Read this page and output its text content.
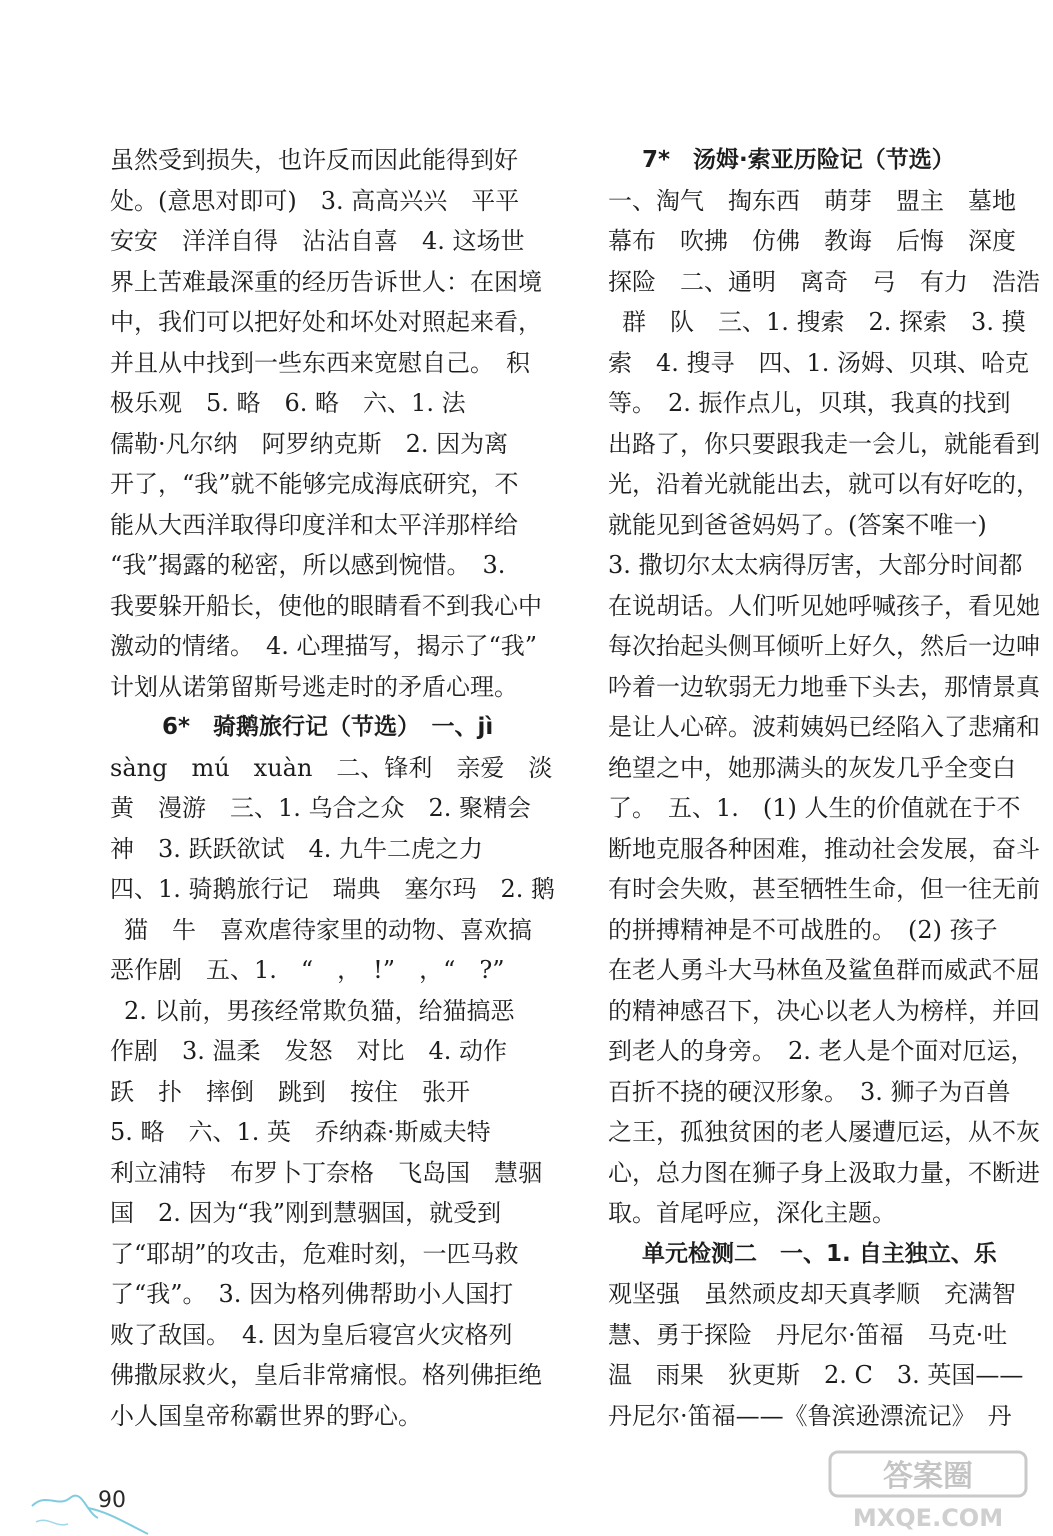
虽然受到损失，也许反而因此能得到好
处。(意思对即可)　3. 高高兴兴　平平
安安　洋洋自得　沾沾自喜　4. 这场世
界上苦难最深重的经历告诉世人：在困境
中，我们可以把好处和坏处对照起来看，
并且从中找到一些东西来宽慰自己。　积
极乐观　5. 略　6. 略　六、1. 法
儒勒·凡尔纳　阿罗纳克斯　2. 因为离
开了，“我”就不能够完成海底研究，不
能从大西洋取得印度洋和太平洋那样给
“我”揭露的秘密，所以感到惋惜。　3.
我要躲开船长，使他的眼睛看不到我心中
激动的情绪。　4. 心理描写，揭示了“我”
计划从诺第留斯号逃走时的矛盾心理。
6*　骑鹅旅行记（节选）　一、jì
sàng　mú　xuàn　二、锋利　亲爱　淡
黄　漫游　三、1. 乌合之众　2. 聚精会
神　3. 跃跃欲试　4. 九牛二虎之力
四、1. 骑鹅旅行记　瑞典　塞尔玛　2. 鹅
猫　牛　喜欢虐待家里的动物、喜欢搞
恶作剧　五、1.　“　，　!”　，“　?”
2. 以前，男孩经常欺负猫，给猫搞恶
作剧　3. 温柔　发怒　对比　4. 动作
跃　扑　摔倒　跳到　按住　张开
5. 略　六、1. 英　乔纳森·斯威夫特
利立浦特　布罗卜丁奈格　飞岛国　慧骃
国　2. 因为“我”刚到慧骃国，就受到
了“耶胡”的攻击，危难时刻，一匹马救
了“我”。　3. 因为格列佛帮助小人国打
败了敌国。　4. 因为皇后寝宫火灾格列
佛撒尿救火，皇后非常痛恨。格列佛拒绝
小人国皇帝称霸世界的野心。
7*　汤姆·索亚历险记（节选）
一、淘气　掏东西　萌芽　盟主　墓地
幕布　吹拂　仿佛　教诲　后悔　深度
探险　二、通明　离奇　弓　有力　浩浩
群　队　三、1. 搜索　2. 探索　3. 摸
索　4. 搜寻　四、1. 汤姆、贝琪、哈克
等。　2. 振作点儿，贝琪，我真的找到
出路了，你只要跟我走一会儿，就能看到
光，沿着光就能出去，就可以有好吃的，
就能见到爸爸妈妈了。(答案不唯一)
3. 撒切尔太太病得厉害，大部分时间都
在说胡话。人们听见她呼喊孩子，看见她
每次抬起头侧耳倾听上好久，然后一边呻
吟着一边软弱无力地垂下头去，那情景真
是让人心碎。波莉姨妈已经陷入了悲痛和
绝望之中，她那满头的灰发几乎全变白
了。　五、1.　(1) 人生的价值就在于不
断地克服各种困难，推动社会发展，奋斗
有时会失败，甚至牺牲生命，但一往无前
的拼搏精神是不可战胜的。　(2) 孩子
在老人勇斗大马林鱼及鲨鱼群而威武不屈
的精神感召下，决心以老人为榜样，并回
到老人的身旁。　2. 老人是个面对厄运，
百折不挠的硬汉形象。　3. 狮子为百兽
之王，孤独贫困的老人屡遭厄运，从不灰
心，总力图在狮子身上汲取力量，不断进
取。首尾呼应，深化主题。
单元检测二　一、1. 自主独立、乐
观坚强　虽然顽皮却天真孝顺　充满智
慧、勇于探险　丹尼尔·笛福　马克·吐
温　雨果　狄更斯　2. C　3. 英国——
丹尼尔·笛福——《鲁滨逊漂流记》　丹
90
答案圈
MXQE.COM
